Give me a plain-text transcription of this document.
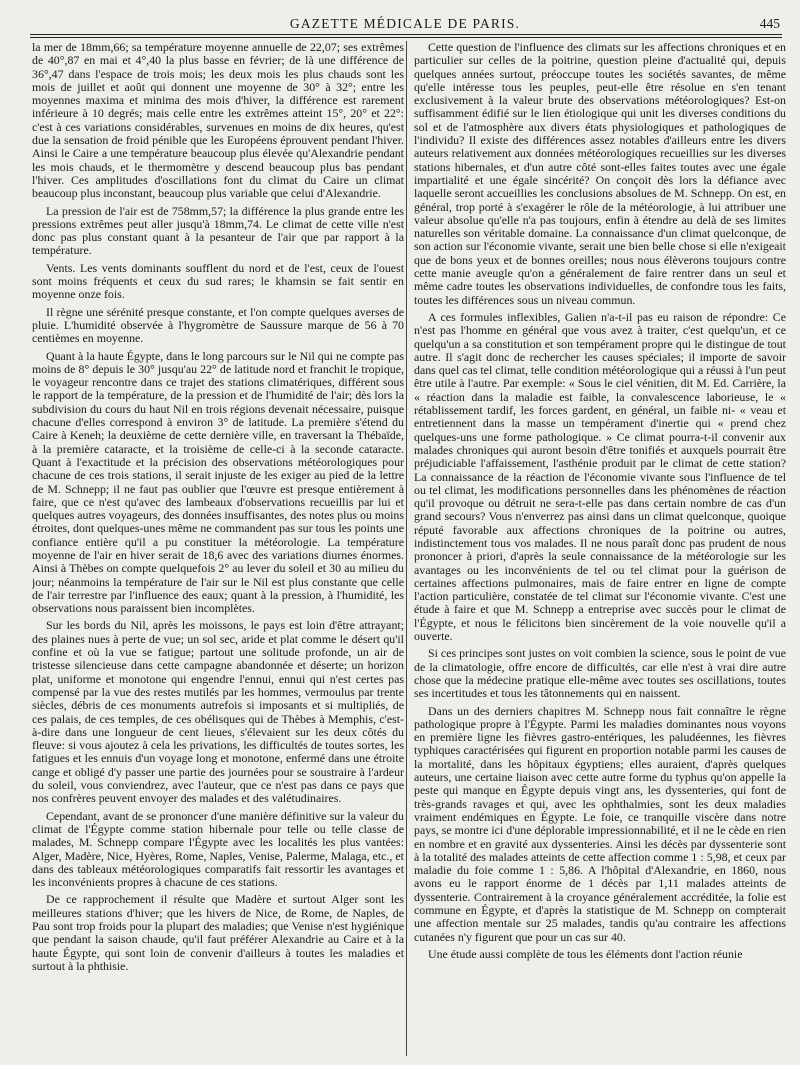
GAZETTE MÉDICALE DE PARIS.	445

la mer de 18mm,66; sa température moyenne annuelle de 22,07; ses extrêmes de 40°,87 en mai et 4°,40 la plus basse en février; de là une différence de 36°,47 dans l'espace de trois mois; les deux mois les plus chauds sont les mois de juillet et août qui donnent une moyenne de 30° à 32°; entre les moyennes maxima et minima des mois d'hiver, la différence est rarement inférieure à 10 degrés; mais celle entre les extrêmes atteint 15°, 20° et 22°: c'est à ces variations considérables, survenues en moins de dix heures, qu'est due la sensation de froid pénible que les Européens éprouvent pendant l'hiver. Ainsi le Caire a une température beaucoup plus élevée qu'Alexandrie pendant les mois chauds, et le thermomètre y descend beaucoup plus bas pendant l'hiver. Ces amplitudes d'oscillations font du climat du Caire un climat beaucoup plus inconstant, beaucoup plus variable que celui d'Alexandrie.

La pression de l'air est de 758mm,57; la différence la plus grande entre les pressions extrêmes peut aller jusqu'à 18mm,74. Le climat de cette ville n'est donc pas plus constant quant à la pesanteur de l'air que par rapport à la température.

Vents. Les vents dominants soufflent du nord et de l'est, ceux de l'ouest sont moins fréquents et ceux du sud rares; le khamsin se fait sentir en moyenne onze fois.

Il règne une sérénité presque constante, et l'on compte quelques averses de pluie. L'humidité observée à l'hygromètre de Saussure marque de 56 à 70 centièmes en moyenne.

Quant à la haute Égypte, dans le long parcours sur le Nil qui ne compte pas moins de 8° depuis le 30° jusqu'au 22° de latitude nord et franchit le tropique, le voyageur rencontre dans ce trajet des stations climatériques, différent sous le rapport de la température, de la pression et de l'humidité de l'air; dès lors la subdivision du cours du haut Nil en trois régions devenait nécessaire, puisque chacune d'elles correspond à environ 3° de latitude. La première s'étend du Caire à Keneh; la deuxième de cette dernière ville, en traversant la Thébaïde, à la première cataracte, et la troisième de celle-ci à la seconde cataracte. Quant à l'exactitude et la précision des observations météorologiques pour chacune de ces trois stations, il serait injuste de les exiger au pied de la lettre de M. Schnepp; il ne faut pas oublier que l'œuvre est presque entièrement à faire, que ce n'est qu'avec des lambeaux d'observations recueillis par lui et quelques autres voyageurs, des données insuffisantes, des notes plus ou moins étroites, dont quelques-unes même ne commandent pas sur tous les points une confiance entière qu'il a pu constituer la météorologie. La température moyenne de l'air en hiver serait de 18,6 avec des variations diurnes énormes. Ainsi à Thèbes on compte quelquefois 2° au lever du soleil et 30 au milieu du jour; néanmoins la température de l'air sur le Nil est plus constante que celle de l'air terrestre par l'influence des eaux; quant à la pression, à l'humidité, les observations nous paraissent bien incomplètes.

Sur les bords du Nil, après les moissons, le pays est loin d'être attrayant; des plaines nues à perte de vue; un sol sec, aride et plat comme le désert qu'il confine et où la vue se fatigue; partout une solitude profonde, un air de tristesse silencieuse dans cette campagne abandonnée et déserte; un horizon plat, uniforme et monotone qui engendre l'ennui, ennui qui n'est certes pas compensé par la vue des restes mutilés par les hommes, vermoulus par trente siècles, débris de ces monuments autrefois si imposants et si multipliés, de ces palais, de ces temples, de ces obélisques qui de Thèbes à Memphis, c'est-à-dire dans une longueur de cent lieues, s'élevaient sur les deux côtés du fleuve: si vous ajoutez à cela les privations, les difficultés de toutes sortes, les fatigues et les ennuis d'un voyage long et monotone, enfermé dans une étroite cange et obligé d'y passer une partie des journées pour se soustraire à l'ardeur du soleil, vous conviendrez, avec l'auteur, que ce n'est pas dans ce pays que nos confrères peuvent envoyer des malades et des valétudinaires.

Cependant, avant de se prononcer d'une manière définitive sur la valeur du climat de l'Égypte comme station hibernale pour telle ou telle classe de malades, M. Schnepp compare l'Égypte avec les localités les plus vantées: Alger, Madère, Nice, Hyères, Rome, Naples, Venise, Palerme, Malaga, etc., et dans des tableaux météorologiques comparatifs fait ressortir les avantages et les inconvénients propres à chacune de ces stations.

De ce rapprochement il résulte que Madère et surtout Alger sont les meilleures stations d'hiver; que les hivers de Nice, de Rome, de Naples, de Pau sont trop froids pour la plupart des maladies; que Venise n'est hygiénique que pendant la saison chaude, qu'il faut préférer Alexandrie au Caire et à la haute Égypte, qui sont loin de convenir d'ailleurs à toutes les maladies et surtout à la phthisie.

Cette question de l'influence des climats sur les affections chroniques et en particulier sur celles de la poitrine, question pleine d'actualité qui, depuis quelques années surtout, préoccupe toutes les sociétés savantes, de même qu'elle intéresse tous les peuples, peut-elle être résolue en s'en tenant exclusivement à la valeur brute des observations météorologiques? Est-on suffisamment édifié sur le lien étiologique qui unit les diverses conditions du sol et de l'atmosphère aux divers états physiologiques et pathologiques de l'individu? Il existe des différences assez notables d'ailleurs entre les divers auteurs relativement aux données météorologiques recueillies sur les diverses stations hibernales, et d'un autre côté sont-elles faites toutes avec une égale impartialité et une égale sincérité? On conçoit dès lors la défiance avec laquelle seront accueillies les conclusions absolues de M. Schnepp. On est, en général, trop porté à s'exagérer le rôle de la météorologie, à lui attribuer une valeur absolue qu'elle n'a pas toujours, enfin à étendre au delà de ses limites naturelles son véritable domaine. La connaissance d'un climat quelconque, de son action sur l'économie vivante, serait une bien belle chose si elle n'exigeait que de bons yeux et de bonnes oreilles; nous nous élèverons toujours contre cette manie aveugle qu'on a généralement de faire rentrer dans un seul et même cadre toutes les observations individuelles, de confondre tous les faits, toutes les différences sous un niveau commun.

A ces formules inflexibles, Galien n'a-t-il pas eu raison de répondre: Ce n'est pas l'homme en général que vous avez à traiter, c'est quelqu'un, et ce quelqu'un a sa constitution et son tempérament propre qui le distingue de tout autre. Il s'agit donc de rechercher les causes spéciales; il importe de savoir dans quel cas tel climat, telle condition météorologique qui a réussi à l'un peut être utile à l'autre. Par exemple: « Sous le ciel vénitien, dit M. Ed. Carrière, la « réaction dans la maladie est faible, la convalescence laborieuse, le « rétablissement tardif, les forces gardent, en général, un faible ni- « veau et entretiennent dans la masse un tempérament d'inertie qui « prend chez quelques-uns une forme pathologique. » Ce climat pourra-t-il convenir aux malades chroniques qui auront besoin d'être tonifiés et auxquels pourrait être préjudiciable l'affaissement, l'asthénie produit par le climat de cette station? La connaissance de la réaction de l'économie vivante sous l'influence de tel ou tel climat, les modifications personnelles dans les phénomènes de réaction qu'il provoque ou détruit ne sera-t-elle pas dans certain nombre de cas d'un grand secours? Vous n'enverrez pas ainsi dans un climat quelconque, quoique réputé favorable aux affections chroniques de la poitrine ou autres, indistinctement tous vos malades. Il ne nous paraît donc pas prudent de nous prononcer à priori, d'après la seule connaissance de la météorologie sur les avantages ou les inconvénients de tel ou tel climat pour la guérison de certaines affections pulmonaires, mais de faire entrer en ligne de compte l'action particulière, constatée de tel climat sur l'économie vivante. C'est une étude à faire et que M. Schnepp a entreprise avec succès pour le climat de l'Égypte, et nous le félicitons bien sincèrement de la voie nouvelle qu'il a ouverte.

Si ces principes sont justes on voit combien la science, sous le point de vue de la climatologie, offre encore de difficultés, car elle n'est à vrai dire autre chose que la médecine pratique elle-même avec toutes ses oscillations, toutes ses incertitudes et tous les tâtonnements qui en naissent.

Dans un des derniers chapitres M. Schnepp nous fait connaître le règne pathologique propre à l'Égypte. Parmi les maladies dominantes nous voyons en première ligne les fièvres gastro-entériques, les paludéennes, les fièvres typhiques caractérisées qui figurent en proportion notable parmi les causes de la mortalité, dans les hôpitaux égyptiens; elles auraient, d'après quelques auteurs, une certaine liaison avec cette autre forme du typhus qu'on appelle la peste qui manque en Égypte depuis vingt ans, les dyssenteries, qui font de très-grands ravages et qui, avec les ophthalmies, sont les deux maladies vraiment endémiques en Égypte. Le foie, ce tranquille viscère dans notre pays, se montre ici d'une déplorable impressionnabilité, et il ne le cède en rien en nombre et en gravité aux dyssenteries. Ainsi les décès par dyssenterie sont à la totalité des malades atteints de cette affection comme 1 : 5,98, et ceux par maladie du foie comme 1 : 5,86. A l'hôpital d'Alexandrie, en 1860, nous avons eu le rapport énorme de 1 décès par 1,11 malades atteints de dyssenterie. Contrairement à la croyance généralement accréditée, la folie est commune en Égypte, et d'après la statistique de M. Schnepp on compterait une affection mentale sur 25 malades, tandis qu'au contraire les affections cutanées n'y figurent que pour un cas sur 40.

Une étude aussi complète de tous les éléments dont l'action réunie
